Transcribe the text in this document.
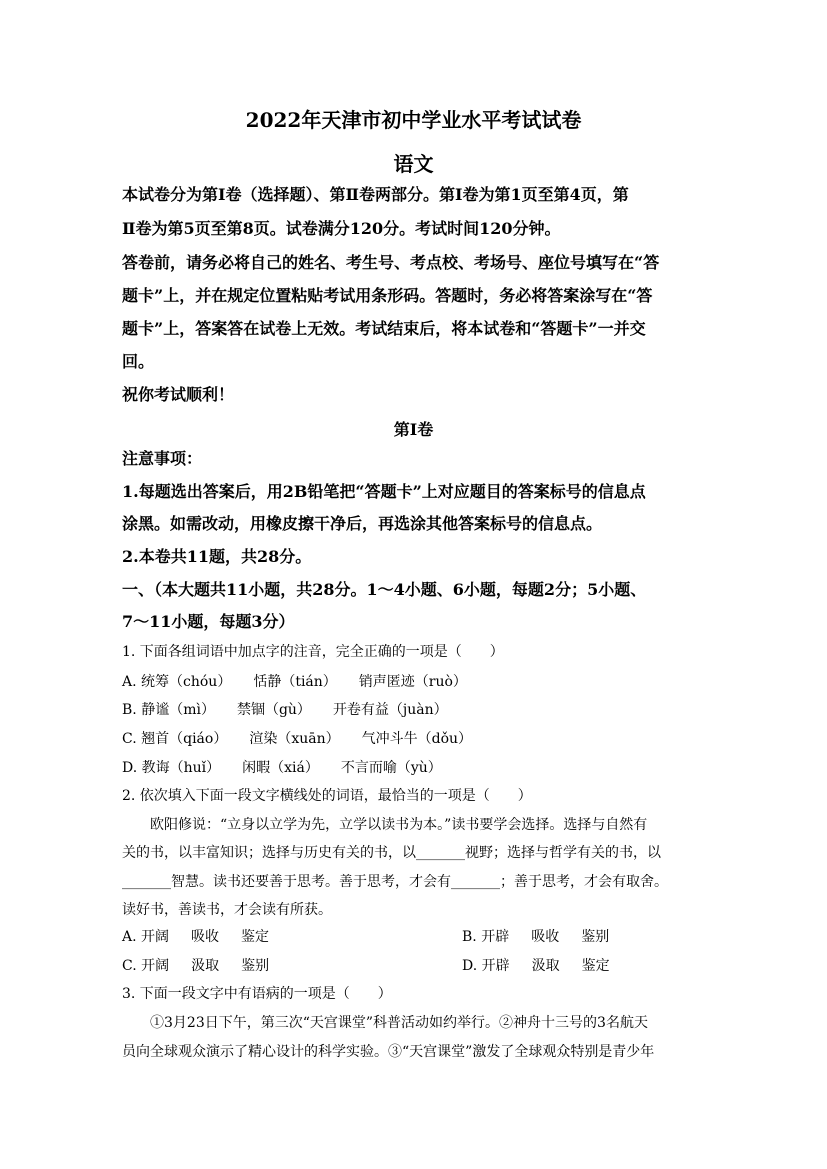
2022年天津市初中学业水平考试试卷
语文
本试卷分为第Ⅰ卷（选择题）、第Ⅱ卷两部分。第Ⅰ卷为第1页至第4页，第
Ⅱ卷为第5页至第8页。试卷满分120分。考试时间120分钟。
答卷前，请务必将自己的姓名、考生号、考点校、考场号、座位号填写在“答
题卡”上，并在规定位置粘贴考试用条形码。答题时，务必将答案涂写在“答
题卡”上，答案答在试卷上无效。考试结束后，将本试卷和“答题卡”一并交
回。
祝你考试顺利！
第Ⅰ卷
注意事项：
1.每题选出答案后，用2B铅笔把“答题卡”上对应题目的答案标号的信息点
涂黑。如需改动，用橡皮擦干净后，再选涂其他答案标号的信息点。
2.本卷共11题，共28分。
一、（本大题共11小题，共28分。1～4小题、6小题，每题2分；5小题、
7～11小题，每题3分）
1. 下面各组词语中加点字的注音，完全正确的一项是（　　）
A. 统筹（chóu） 恬静（tián） 销声匿迹（ruò）
B. 静谧（mì） 禁锢（gù） 开卷有益（juàn）
C. 翘首（qiáo） 渲染（xuān） 气冲斗牛（dǒu）
D. 教诲（huǐ） 闲暇（xiá） 不言而喻（yù）
2. 依次填入下面一段文字横线处的词语，最恰当的一项是（　　）
欧阳修说：“立身以立学为先，立学以读书为本。”读书要学会选择。选择与自然有
关的书，以丰富知识；选择与历史有关的书，以_______视野；选择与哲学有关的书，以
_______智慧。读书还要善于思考。善于思考，才会有_______；善于思考，才会有取舍。
读好书，善读书，才会读有所获。
A. 开阔 吸收 鉴定	B. 开辟 吸收 鉴别
C. 开阔 汲取 鉴别	D. 开辟 汲取 鉴定
3. 下面一段文字中有语病的一项是（　　）
①3月23日下午，第三次“天宫课堂”科普活动如约举行。②神舟十三号的3名航天
员向全球观众演示了精心设计的科学实验。③“天宫课堂”激发了全球观众特别是青少年
